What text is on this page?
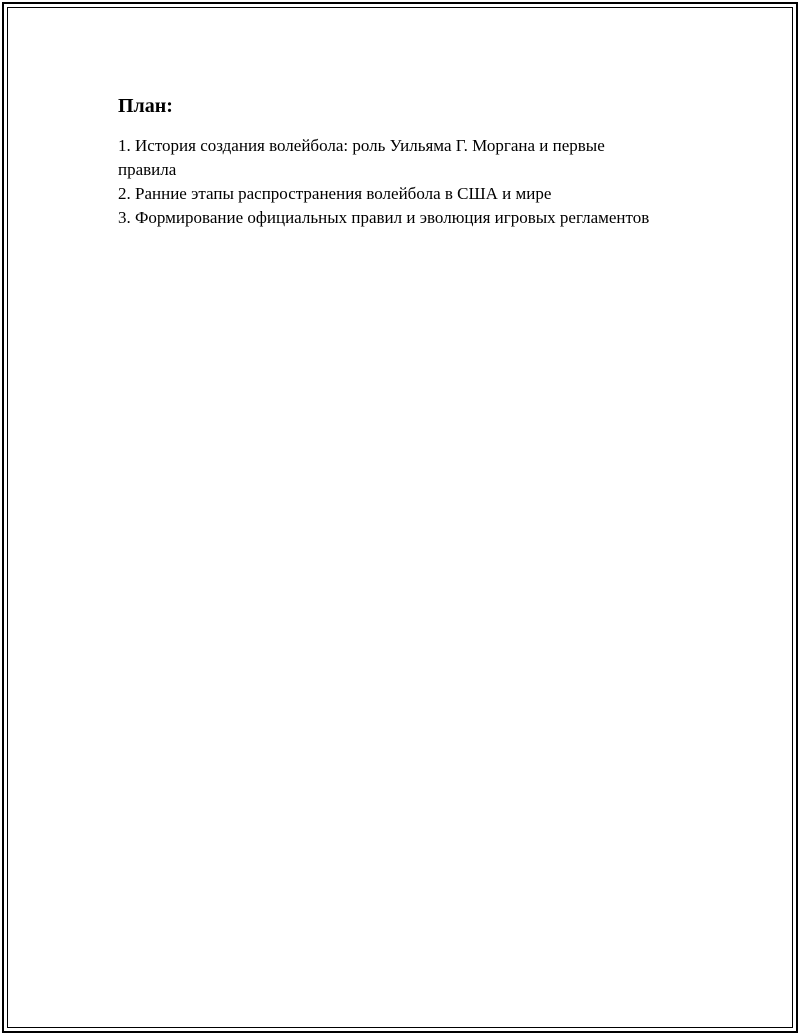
План:
1. История создания волейбола: роль Уильяма Г. Моргана и первые правила
2. Ранние этапы распространения волейбола в США и мире
3. Формирование официальных правил и эволюция игровых регламентов
